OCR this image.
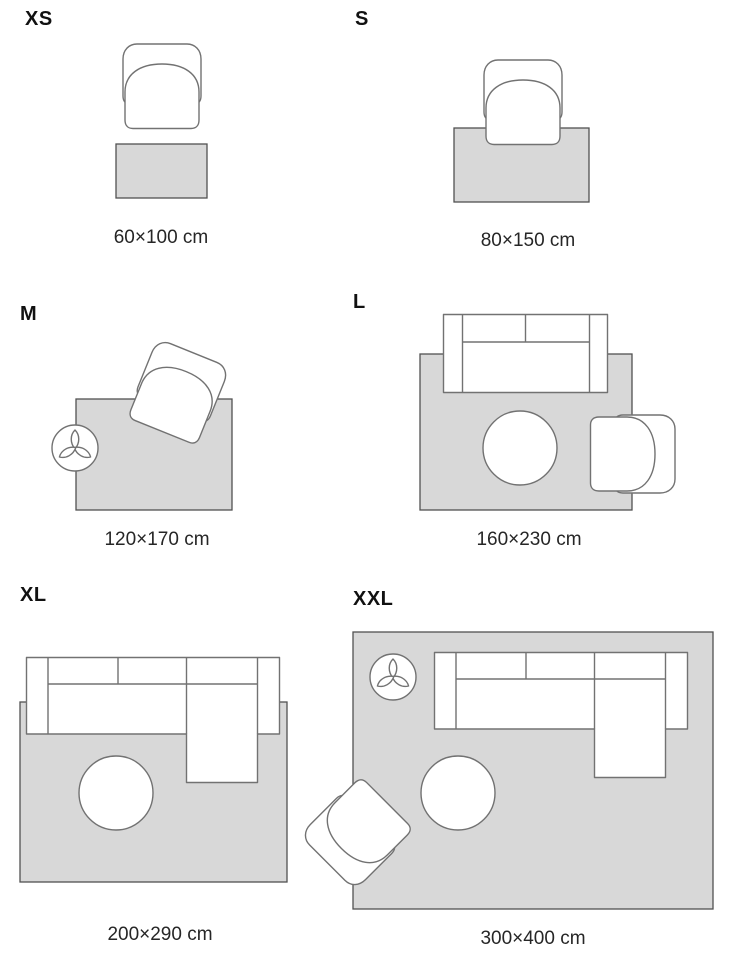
XS	S
M
L
XL	XXL
60×100 cm	80×150 cm
120×170 cm	160×230 cm
200×290 cm	300×400 cm
